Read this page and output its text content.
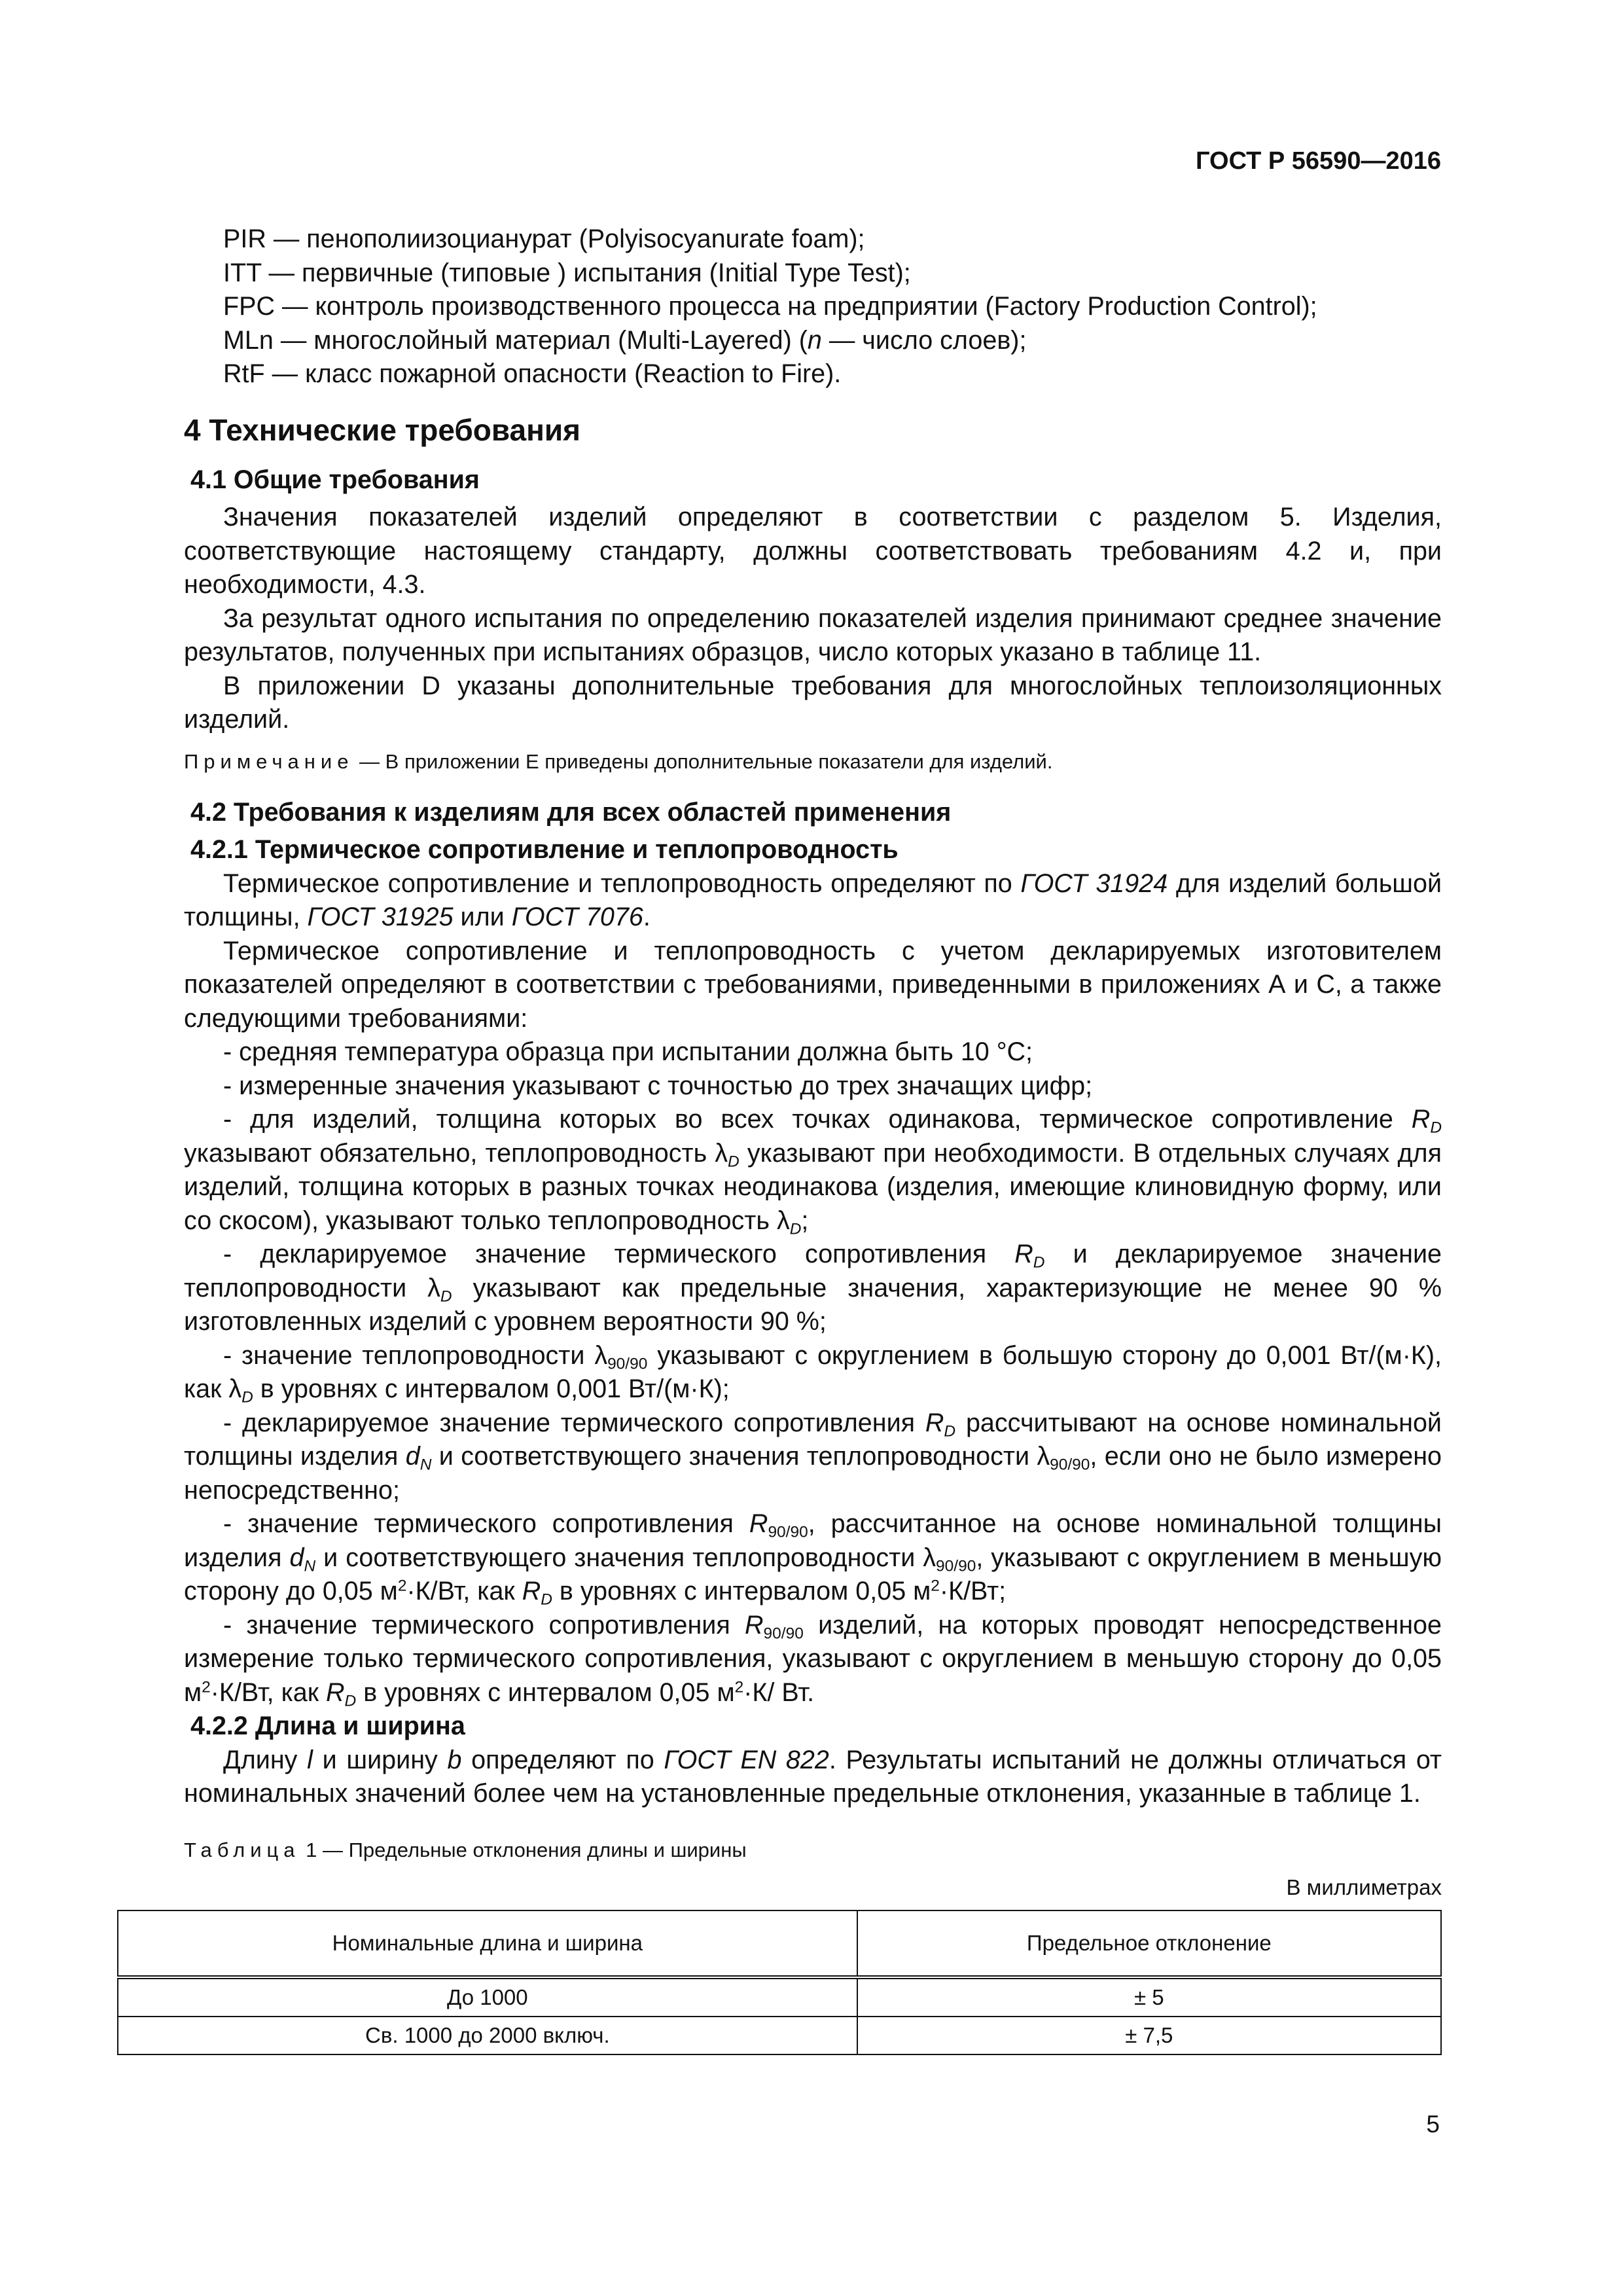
ГОСТ Р 56590—2016

PIR — пенополиизоцианурат (Polyisocyanurate foam);

ITT — первичные (типовые ) испытания (Initial Type Test);

FPC — контроль производственного процесса на предприятии (Factory Production Control);

MLn — многослойный материал (Multi-Layered) (n — число слоев);

RtF — класс пожарной опасности (Reaction to Fire).

4 Технические требования

4.1 Общие требования

Значения показателей изделий определяют в соответствии с разделом 5. Изделия, соответствующие настоящему стандарту, должны соответствовать требованиям 4.2 и, при необходимости, 4.3.

За результат одного испытания по определению показателей изделия принимают среднее значение результатов, полученных при испытаниях образцов, число которых указано в таблице 11.

В приложении D указаны дополнительные требования для многослойных теплоизоляционных изделий.

Примечание — В приложении Е приведены дополнительные показатели для изделий.

4.2 Требования к изделиям для всех областей применения

4.2.1 Термическое сопротивление и теплопроводность

Термическое сопротивление и теплопроводность определяют по ГОСТ 31924 для изделий большой толщины, ГОСТ 31925 или ГОСТ 7076.

Термическое сопротивление и теплопроводность с учетом декларируемых изготовителем показателей определяют в соответствии с требованиями, приведенными в приложениях А и С, а также следующими требованиями:

- средняя температура образца при испытании должна быть 10 °С;

- измеренные значения указывают с точностью до трех значащих цифр;

- для изделий, толщина которых во всех точках одинакова, термическое сопротивление $R_D$ указывают обязательно, теплопроводность $\lambda_D$ указывают при необходимости. В отдельных случаях для изделий, толщина которых в разных точках неодинакова (изделия, имеющие клиновидную форму, или со скосом), указывают только теплопроводность $\lambda_D$;

- декларируемое значение термического сопротивления $R_D$ и декларируемое значение теплопроводности $\lambda_D$ указывают как предельные значения, характеризующие не менее 90 % изготовленных изделий с уровнем вероятности 90 %;

- значение теплопроводности $\lambda_{90/90}$ указывают с округлением в большую сторону до 0,001 Вт/(м·К), как $\lambda_D$ в уровнях с интервалом 0,001 Вт/(м·К);

- декларируемое значение термического сопротивления $R_D$ рассчитывают на основе номинальной толщины изделия $d_N$ и соответствующего значения теплопроводности $\lambda_{90/90}$, если оно не было измерено непосредственно;

- значение термического сопротивления $R_{90/90}$, рассчитанное на основе номинальной толщины изделия $d_N$ и соответствующего значения теплопроводности $\lambda_{90/90}$, указывают с округлением в меньшую сторону до 0,05 $м^2\cdot К/Вт$, как $R_D$ в уровнях с интервалом 0,05 $м^2\cdot К/Вт$;

- значение термического сопротивления $R_{90/90}$ изделий, на которых проводят непосредственное измерение только термического сопротивления, указывают с округлением в меньшую сторону до 0,05 $м^2\cdot К/Вт$, как $R_D$ в уровнях с интервалом 0,05 $м^2\cdot К/$ Вт.

4.2.2 Длина и ширина

Длину l и ширину b определяют по ГОСТ EN 822. Результаты испытаний не должны отличаться от номинальных значений более чем на установленные предельные отклонения, указанные в таблице 1.

Таблица 1 — Предельные отклонения длины и ширины

В миллиметрах

Номинальные длина и ширина	Предельное отклонение
До 1000	± 5
Св. 1000 до 2000 включ.	± 7,5
5
